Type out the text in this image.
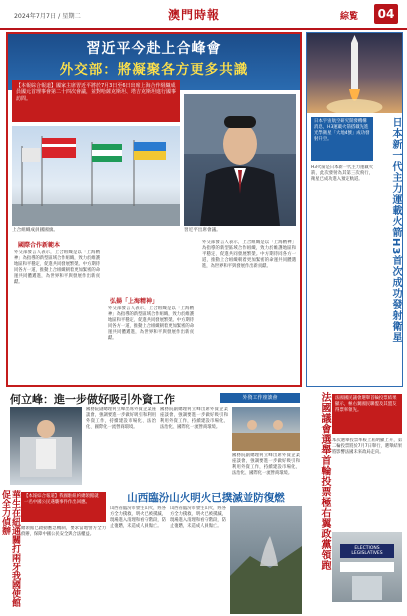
2024年7月7日 / 星期二	澳門時報	綜覧	04
習近平今赴上合峰會
外交部：將凝聚各方更多共識
【本報綜合報道】國家主席習近平將於7月3日至6日出席上海合作組織成員國元首理事會第二十四次會議，並對哈薩克斯坦、塔吉克斯坦進行國事訪問。
上合組織成員國國旗。	習近平出席會議。
國際合作新範本
弘揚「上海精神」
外交部發言人表示，上合組織是以「上海精神」為指導的新型區域合作組織，致力於維護地區和平穩定、促進共同發展繁榮。中方期待同各方一道，推動上合組織朝着更加緊密的命運共同體邁進，為世界和平與發展作出新貢獻。
外交部發言人表示，上合組織是以「上海精神」為指導的新型區域合作組織，致力於維護地區和平穩定、促進共同發展繁榮。中方期待同各方一道，推動上合組織朝着更加緊密的命運共同體邁進，為世界和平與發展作出新貢獻。
外交部發言人表示，上合組織是以「上海精神」為指導的新型區域合作組織，致力於維護地區和平穩定、促進共同發展繁榮。中方期待同各方一道，推動上合組織朝着更加緊密的命運共同體邁進，為世界和平與發展作出新貢獻。	日本新一代主力運載火箭H3首次成功發射衛星
日本宇宙航空研究開發機構消息，H3運載火箭搭載先進光學衛星「大地4號」成功發射升空。
H3火箭是日本新一代主力運載火箭，此次發射為其第三次飛行，衛星已成功進入預定軌道。
何立峰：進一步做好吸引外資工作	外資工作座談會
國務院副總理何立峰出席外資企業座談會，強調要進一步做好吸引和利用外資工作，持續建設市場化、法治化、國際化一流營商環境。
國務院副總理何立峰出席外資企業座談會，強調要進一步做好吸引和利用外資工作，持續建設市場化、法治化、國際化一流營商環境。
國務院副總理何立峰出席外資企業座談會，強調要進一步做好吸引和利用外資工作，持續建設市場化、法治化、國際化一流營商環境。	法國議會選舉首輪投票極右翼政黨領跑	法國國民議會選舉首輪投票結果顯示，極右翼國民聯盟及其盟友得票率領先。
本次選舉投票率較上屆明顯上升，第二輪投票將於7月7日舉行，選舉結果將影響法國未來政局走向。
ELECTIONS LEGISLATIVES
華生在紐通關打兩牙我國使館促全力偵辦	【本報綜合報道】我國駐紐約總領館就一名中國公民遇襲事件作出回應。
總領館已啟動應急機制，要求當地警方全力偵辦，保障中國公民安全與合法權益。
山西臨汾山火明火已撲滅並防復燃
山西省臨汾市發生山火，經各方全力撲救，明火已被撲滅，現場進入清理和看守階段，防止復燃，未造成人員傷亡。
山西省臨汾市發生山火，經各方全力撲救，明火已被撲滅，現場進入清理和看守階段，防止復燃，未造成人員傷亡。
